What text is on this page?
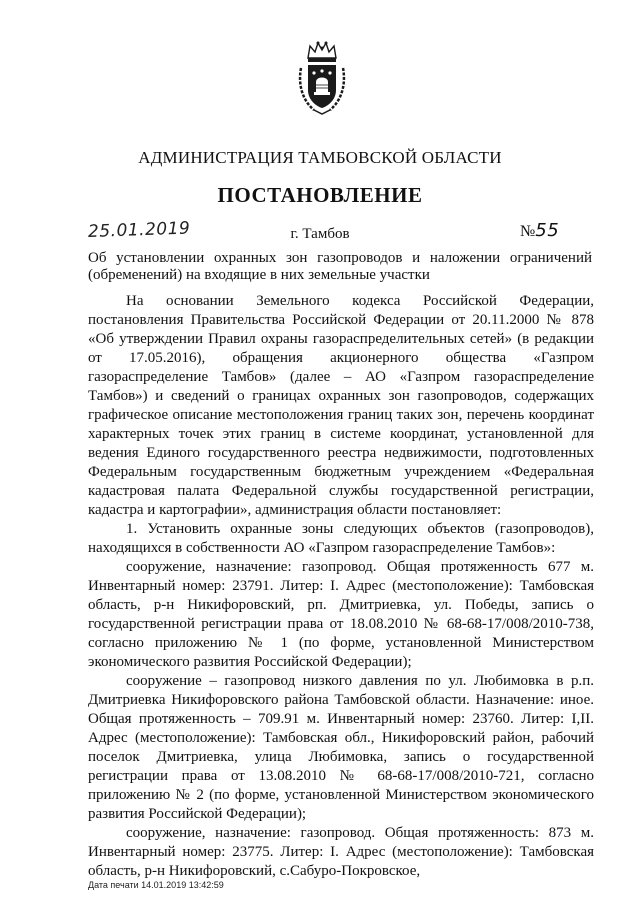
АДМИНИСТРАЦИЯ ТАМБОВСКОЙ ОБЛАСТИ
ПОСТАНОВЛЕНИЕ
25.01.2019	г. Тамбов	№55
Об установлении охранных зон газопроводов и наложении ограничений (обременений) на входящие в них земельные участки

На основании Земельного кодекса Российской Федерации, постановления Правительства Российской Федерации от 20.11.2000 № 878 «Об утверждении Правил охраны газораспределительных сетей» (в редакции от 17.05.2016), обращения акционерного общества «Газпром газораспределение Тамбов» (далее – АО «Газпром газораспределение Тамбов») и сведений о границах охранных зон газопроводов, содержащих графическое описание местоположения границ таких зон, перечень координат характерных точек этих границ в системе координат, установленной для ведения Единого государственного реестра недвижимости, подготовленных Федеральным государственным бюджетным учреждением «Федеральная кадастровая палата Федеральной службы государственной регистрации, кадастра и картографии», администрация области постановляет:

1. Установить охранные зоны следующих объектов (газопроводов), находящихся в собственности АО «Газпром газораспределение Тамбов»:

сооружение, назначение: газопровод. Общая протяженность 677 м. Инвентарный номер: 23791. Литер: I. Адрес (местоположение): Тамбовская область, р-н Никифоровский, рп. Дмитриевка, ул. Победы, запись о государственной регистрации права от 18.08.2010 № 68-68-17/008/2010-738, согласно приложению № 1 (по форме, установленной Министерством экономического развития Российской Федерации);

сооружение – газопровод низкого давления по ул. Любимовка в р.п. Дмитриевка Никифоровского района Тамбовской области. Назначение: иное. Общая протяженность – 709.91 м. Инвентарный номер: 23760. Литер: I,II. Адрес (местоположение): Тамбовская обл., Никифоровский район, рабочий поселок Дмитриевка, улица Любимовка, запись о государственной регистрации права от 13.08.2010 № 68-68-17/008/2010-721, согласно приложению № 2 (по форме, установленной Министерством экономического развития Российской Федерации);

сооружение, назначение: газопровод. Общая протяженность: 873 м. Инвентарный номер: 23775. Литер: I. Адрес (местоположение): Тамбовская область, р-н Никифоровский, с.Сабуро-Покровское,

Дата печати 14.01.2019 13:42:59
